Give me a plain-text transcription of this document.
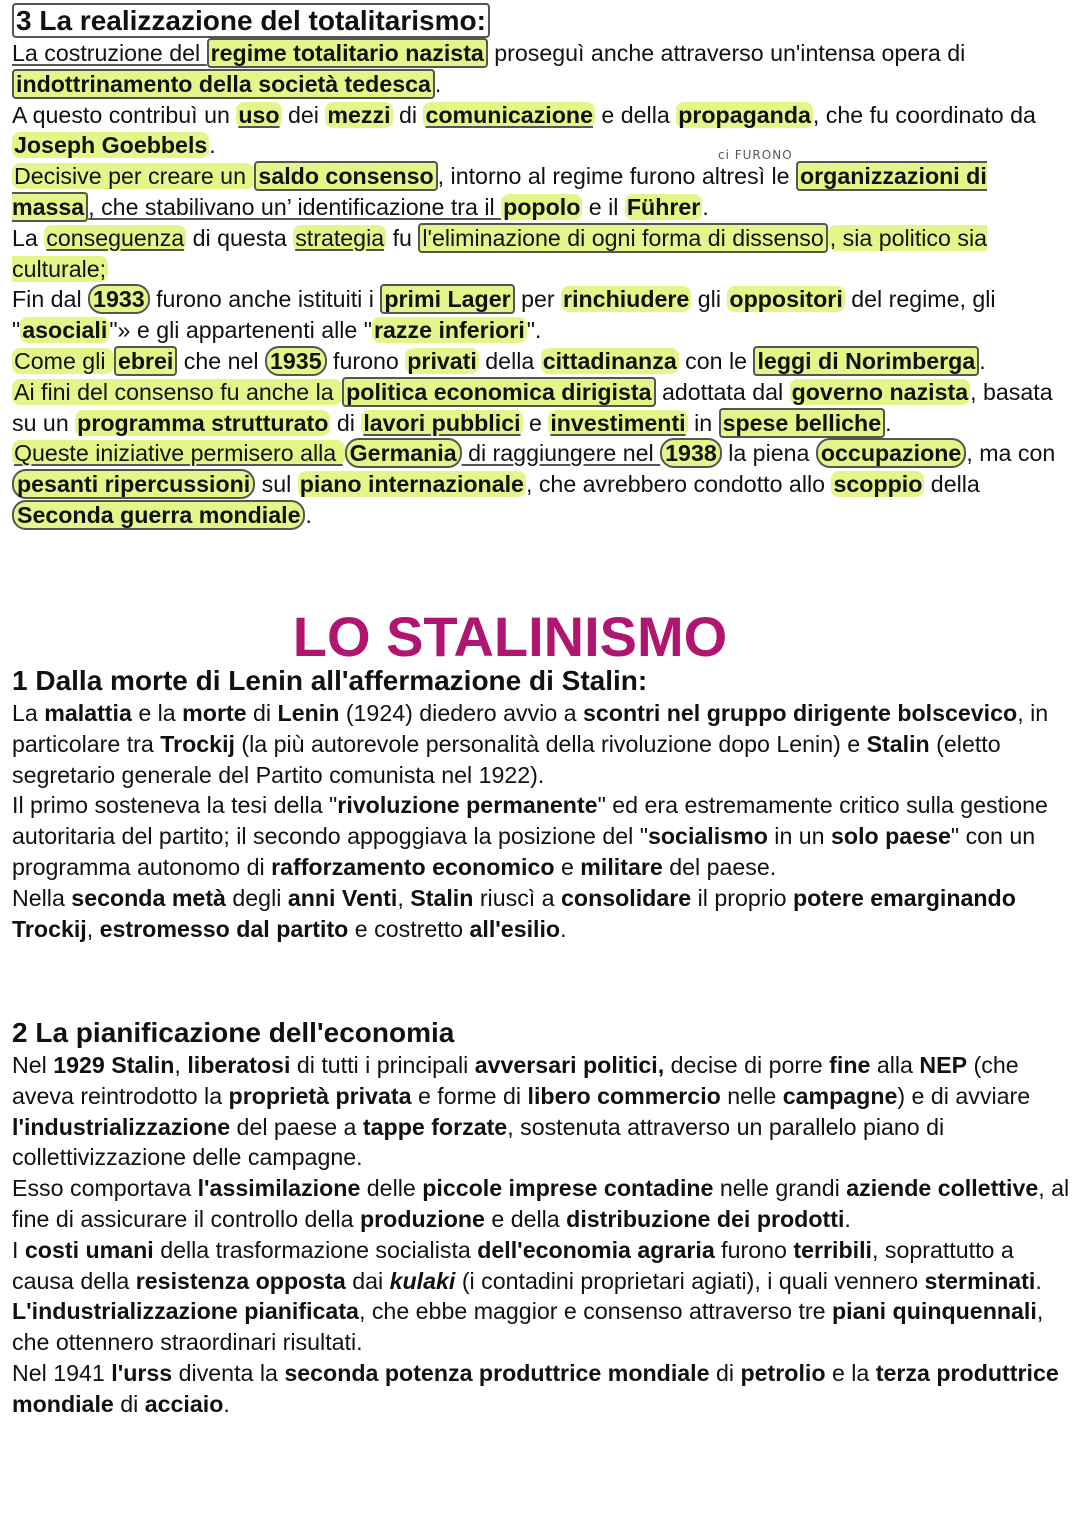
3 La realizzazione del totalitarismo:

La costruzione del regime totalitario nazista proseguì anche attraverso un'intensa opera di indottrinamento della società tedesca .

A questo contribuì un uso dei mezzi di comunicazione e della propaganda, che fu coordinato da Joseph Goebbels.

Decisive per creare un saldo consenso , intorno al regime furono altresì le organizzazioni di massa , che stabilivano un’ identificazione tra il popolo e il Führer.

La conseguenza di questa strategia fu l'eliminazione di ogni forma di dissenso , sia politico sia culturale;

Fin dal 1933 furono anche istituiti i primi Lager per rinchiudere gli oppositori del regime, gli "asociali"» e gli appartenenti alle "razze inferiori".

Come gli ebrei che nel 1935 furono privati della cittadinanza con le leggi di Norimberga .

Ai fini del consenso fu anche la politica economica dirigista adottata dal governo nazista, basata su un programma strutturato di lavori pubblici e investimenti in spese belliche .

Queste iniziative permisero alla Germania di raggiungere nel 1938 la piena occupazione , ma con pesanti ripercussioni sul piano internazionale, che avrebbero condotto allo scoppio della Seconda guerra mondiale .

ci FURONO
LO STALINISMO
1 Dalla morte di Lenin all'affermazione di Stalin:

La malattia e la morte di Lenin (1924) diedero avvio a scontri nel gruppo dirigente bolscevico, in particolare tra Trockij (la più autorevole personalità della rivoluzione dopo Lenin) e Stalin (eletto segretario generale del Partito comunista nel 1922).

Il primo sosteneva la tesi della "rivoluzione permanente" ed era estremamente critico sulla gestione autoritaria del partito; il secondo appoggiava la posizione del "socialismo in un solo paese" con un programma autonomo di rafforzamento economico e militare del paese.

Nella seconda metà degli anni Venti, Stalin riuscì a consolidare il proprio potere emarginando Trockij, estromesso dal partito e costretto all'esilio.

2 La pianificazione dell'economia

Nel 1929 Stalin, liberatosi di tutti i principali avversari politici, decise di porre fine alla NEP (che aveva reintrodotto la proprietà privata e forme di libero commercio nelle campagne) e di avviare l'industrializzazione del paese a tappe forzate, sostenuta attraverso un parallelo piano di collettivizzazione delle campagne.

Esso comportava l'assimilazione delle piccole imprese contadine nelle grandi aziende collettive, al fine di assicurare il controllo della produzione e della distribuzione dei prodotti.

I costi umani della trasformazione socialista dell'economia agraria furono terribili, soprattutto a causa della resistenza opposta dai kulaki (i contadini proprietari agiati), i quali vennero sterminati.

L'industrializzazione pianificata, che ebbe maggior e consenso attraverso tre piani quinquennali, che ottennero straordinari risultati.

Nel 1941 l'urss diventa la seconda potenza produttrice mondiale di petrolio e la terza produttrice mondiale di acciaio.
